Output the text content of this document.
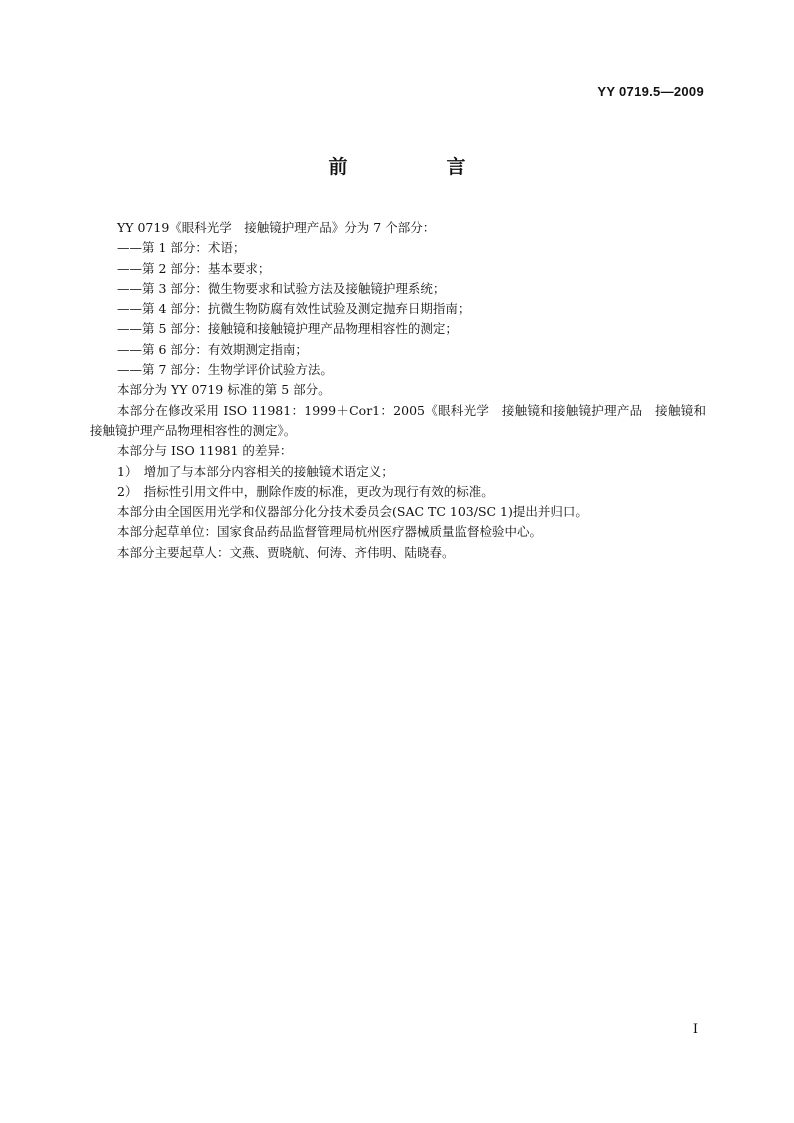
YY 0719.5—2009
前　言

YY 0719《眼科光学　接触镜护理产品》分为 7 个部分：

——第 1 部分：术语；

——第 2 部分：基本要求；

——第 3 部分：微生物要求和试验方法及接触镜护理系统；

——第 4 部分：抗微生物防腐有效性试验及测定抛弃日期指南；

——第 5 部分：接触镜和接触镜护理产品物理相容性的测定；

——第 6 部分：有效期测定指南；

——第 7 部分：生物学评价试验方法。

本部分为 YY 0719 标准的第 5 部分。

本部分在修改采用 ISO 11981：1999＋Cor1：2005《眼科光学　接触镜和接触镜护理产品　接触镜和接触镜护理产品物理相容性的测定》。

本部分与 ISO 11981 的差异：

1）　增加了与本部分内容相关的接触镜术语定义；

2）　指标性引用文件中，删除作废的标准，更改为现行有效的标准。

本部分由全国医用光学和仪器部分化分技术委员会(SAC TC 103/SC 1)提出并归口。

本部分起草单位：国家食品药品监督管理局杭州医疗器械质量监督检验中心。

本部分主要起草人：文燕、贾晓航、何涛、齐伟明、陆晓春。

I
